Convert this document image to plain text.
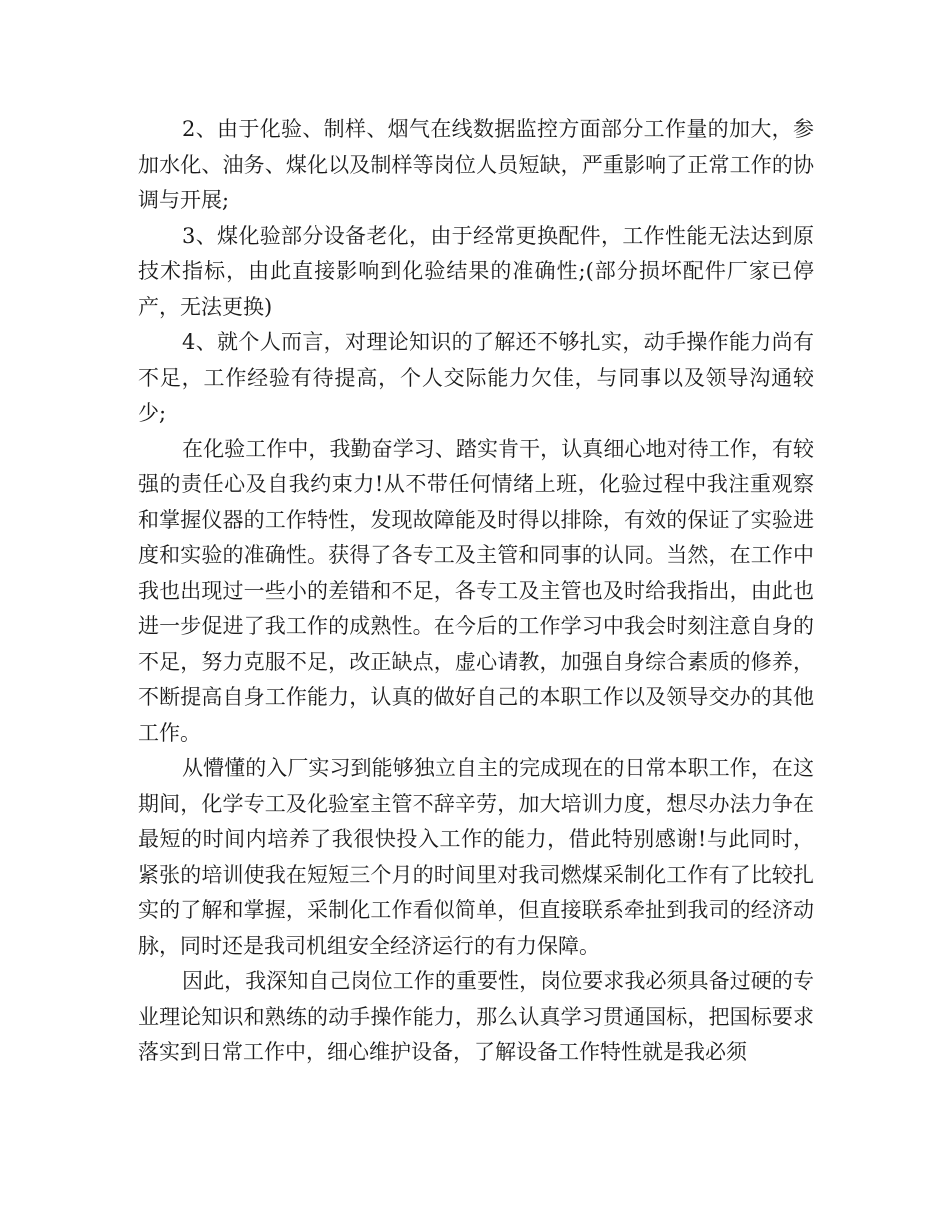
2、由于化验、制样、烟气在线数据监控方面部分工作量的加大，参加水化、油务、煤化以及制样等岗位人员短缺，严重影响了正常工作的协调与开展;

3、煤化验部分设备老化，由于经常更换配件，工作性能无法达到原技术指标，由此直接影响到化验结果的准确性;(部分损坏配件厂家已停产，无法更换)

4、就个人而言，对理论知识的了解还不够扎实，动手操作能力尚有不足，工作经验有待提高，个人交际能力欠佳，与同事以及领导沟通较少;

在化验工作中，我勤奋学习、踏实肯干，认真细心地对待工作，有较强的责任心及自我约束力!从不带任何情绪上班，化验过程中我注重观察和掌握仪器的工作特性，发现故障能及时得以排除，有效的保证了实验进度和实验的准确性。获得了各专工及主管和同事的认同。当然，在工作中我也出现过一些小的差错和不足，各专工及主管也及时给我指出，由此也进一步促进了我工作的成熟性。在今后的工作学习中我会时刻注意自身的不足，努力克服不足，改正缺点，虚心请教，加强自身综合素质的修养，不断提高自身工作能力，认真的做好自己的本职工作以及领导交办的其他工作。

从懵懂的入厂实习到能够独立自主的完成现在的日常本职工作，在这期间，化学专工及化验室主管不辞辛劳，加大培训力度，想尽办法力争在最短的时间内培养了我很快投入工作的能力，借此特别感谢!与此同时，紧张的培训使我在短短三个月的时间里对我司燃煤采制化工作有了比较扎实的了解和掌握，采制化工作看似简单，但直接联系牵扯到我司的经济动脉，同时还是我司机组安全经济运行的有力保障。

因此，我深知自己岗位工作的重要性，岗位要求我必须具备过硬的专业理论知识和熟练的动手操作能力，那么认真学习贯通国标，把国标要求落实到日常工作中，细心维护设备，了解设备工作特性就是我必须
